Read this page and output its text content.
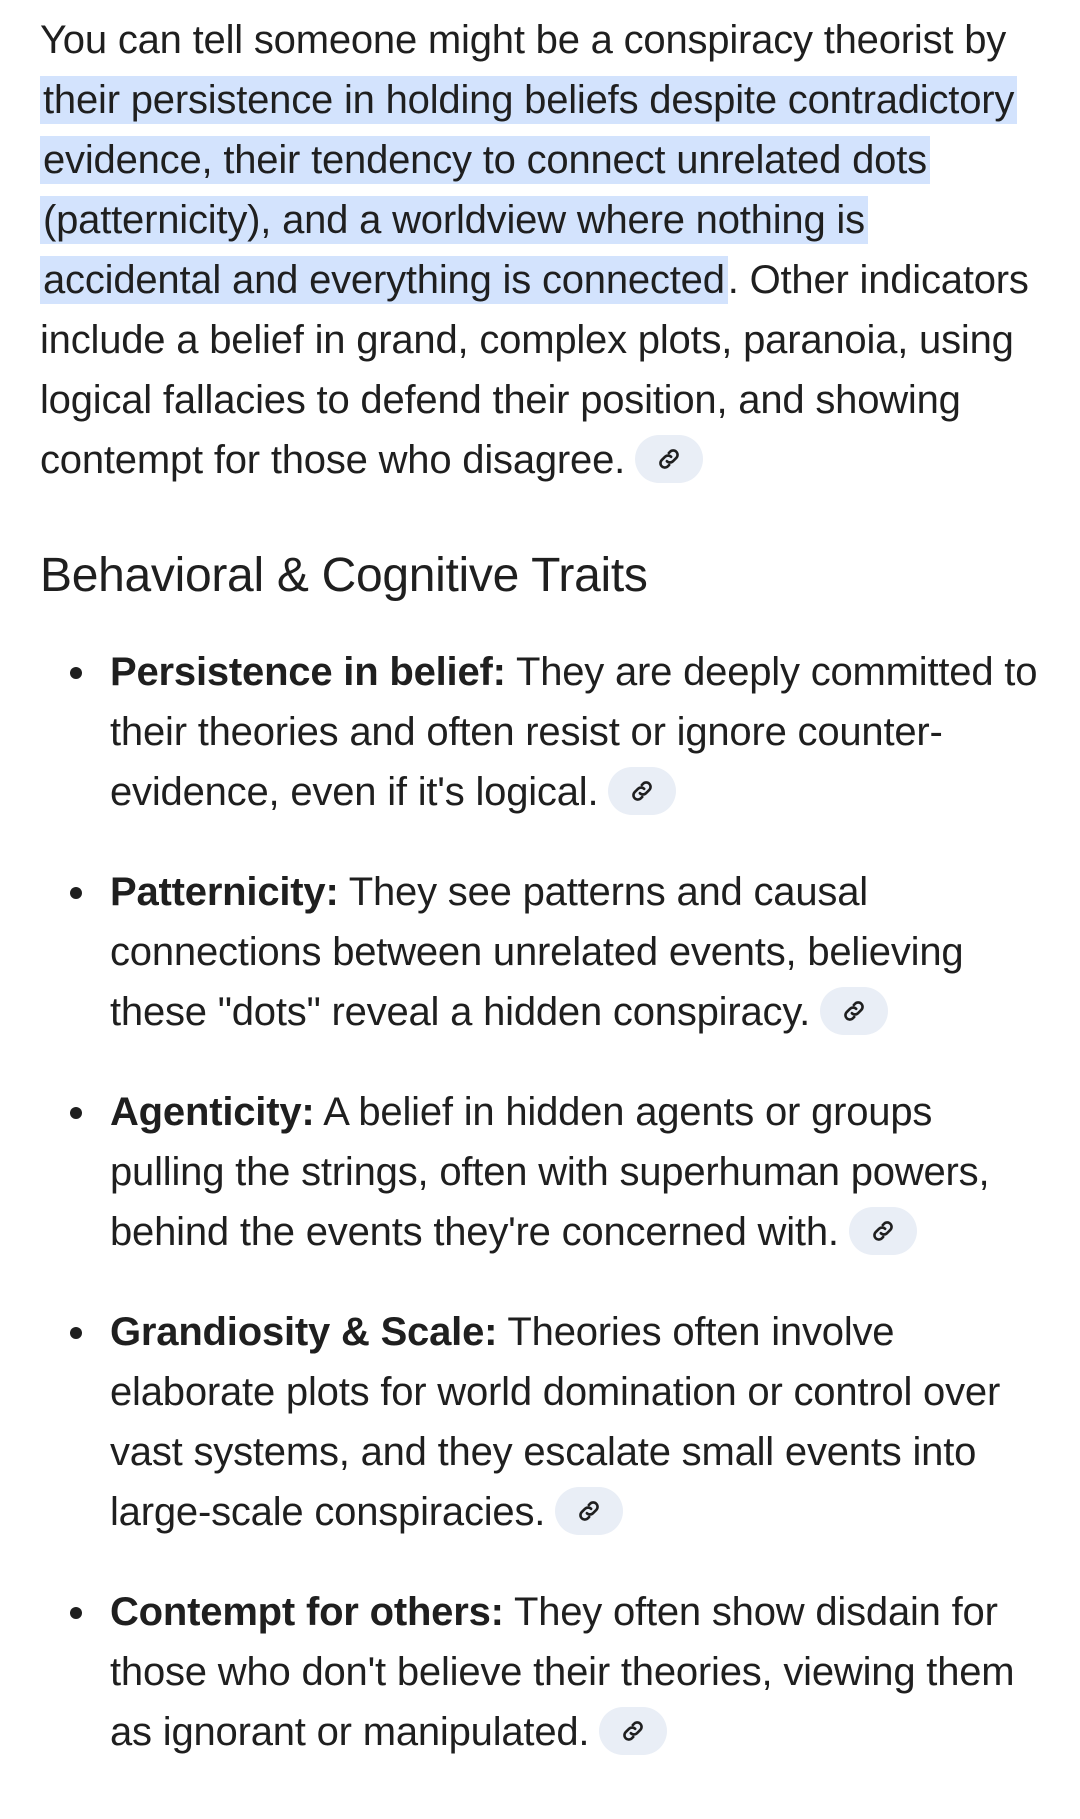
You can tell someone might be a conspiracy theorist by their persistence in holding beliefs despite contradictory evidence, their tendency to connect unrelated dots (patternicity), and a worldview where nothing is accidental and everything is connected. Other indicators include a belief in grand, complex plots, paranoia, using logical fallacies to defend their position, and showing contempt for those who disagree.

Behavioral & Cognitive Traits
Persistence in belief: They are deeply committed to their theories and often resist or ignore counter-evidence, even if it's logical.
Patternicity: They see patterns and causal connections between unrelated events, believing these "dots" reveal a hidden conspiracy.
Agenticity: A belief in hidden agents or groups pulling the strings, often with superhuman powers, behind the events they're concerned with.
Grandiosity & Scale: Theories often involve elaborate plots for world domination or control over vast systems, and they escalate small events into large-scale conspiracies.
Contempt for others: They often show disdain for those who don't believe their theories, viewing them as ignorant or manipulated.
